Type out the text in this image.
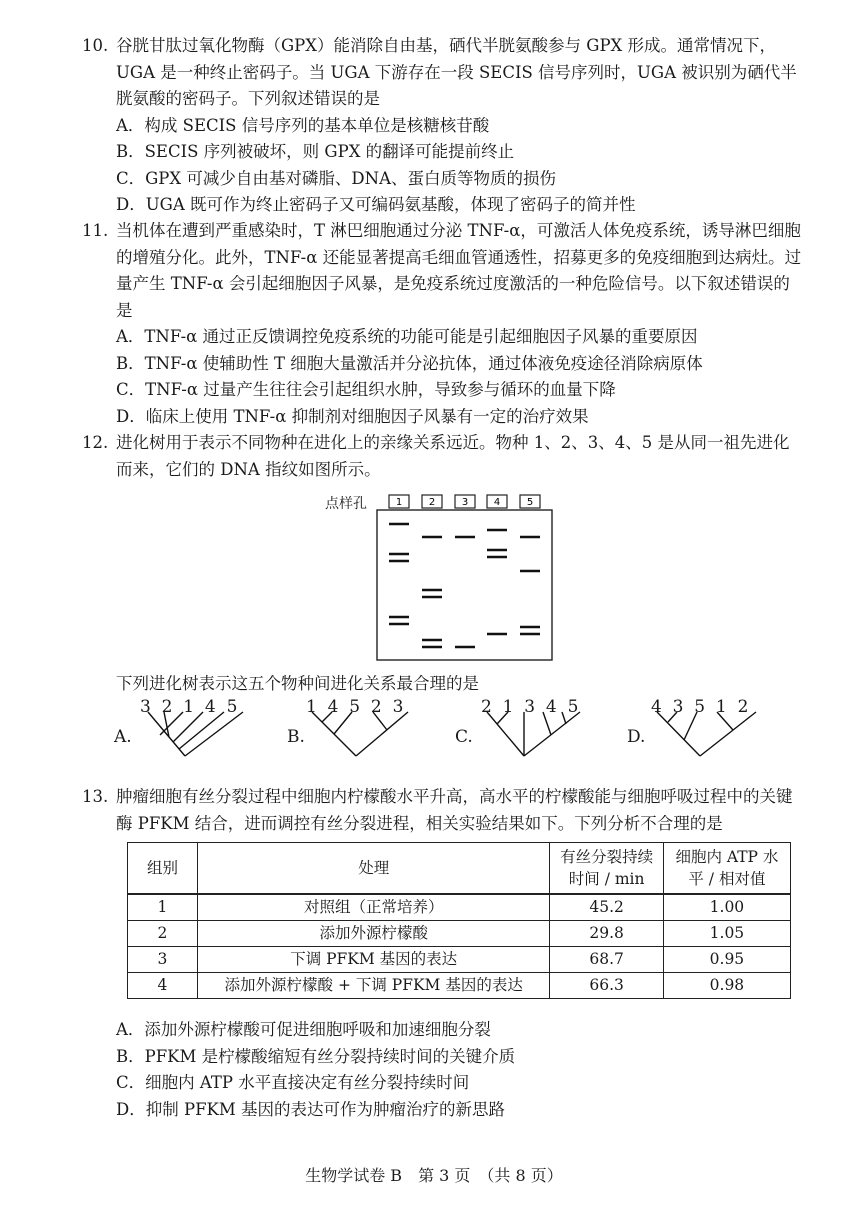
10. 谷胱甘肽过氧化物酶（GPX）能消除自由基，硒代半胱氨酸参与 GPX 形成。通常情况下，UGA 是一种终止密码子。当 UGA 下游存在一段 SECIS 信号序列时，UGA 被识别为硒代半胱氨酸的密码子。下列叙述错误的是
A．构成 SECIS 信号序列的基本单位是核糖核苷酸
B．SECIS 序列被破坏，则 GPX 的翻译可能提前终止
C．GPX 可减少自由基对磷脂、DNA、蛋白质等物质的损伤
D．UGA 既可作为终止密码子又可编码氨基酸，体现了密码子的简并性
11. 当机体在遭到严重感染时，T 淋巴细胞通过分泌 TNF-α，可激活人体免疫系统，诱导淋巴细胞的增殖分化。此外，TNF-α 还能显著提高毛细血管通透性，招募更多的免疫细胞到达病灶。过量产生 TNF-α 会引起细胞因子风暴，是免疫系统过度激活的一种危险信号。以下叙述错误的是
A．TNF-α 通过正反馈调控免疫系统的功能可能是引起细胞因子风暴的重要原因
B．TNF-α 使辅助性 T 细胞大量激活并分泌抗体，通过体液免疫途径消除病原体
C．TNF-α 过量产生往往会引起组织水肿，导致参与循环的血量下降
D．临床上使用 TNF-α 抑制剂对细胞因子风暴有一定的治疗效果
12. 进化树用于表示不同物种在进化上的亲缘关系远近。物种 1、2、3、4、5 是从同一祖先进化而来，它们的 DNA 指纹如图所示。
点样孔	1	2	3	4	5
下列进化树表示这五个物种间进化关系最合理的是
3 2 1 4 5
A.
1 4 5 2 3
B.
2 1 3 4 5
C.
4 3 5 1 2
D.
13. 肿瘤细胞有丝分裂过程中细胞内柠檬酸水平升高，高水平的柠檬酸能与细胞呼吸过程中的关键酶 PFKM 结合，进而调控有丝分裂进程，相关实验结果如下。下列分析不合理的是
组别	处理	有丝分裂持续时间 / min	细胞内 ATP 水平 / 相对值
1	对照组（正常培养）	45.2	1.00
2	添加外源柠檬酸	29.8	1.05
3	下调 PFKM 基因的表达	68.7	0.95
4	添加外源柠檬酸 + 下调 PFKM 基因的表达	66.3	0.98
A．添加外源柠檬酸可促进细胞呼吸和加速细胞分裂
B．PFKM 是柠檬酸缩短有丝分裂持续时间的关键介质
C．细胞内 ATP 水平直接决定有丝分裂持续时间
D．抑制 PFKM 基因的表达可作为肿瘤治疗的新思路
生物学试卷 B　第 3 页　（共 8 页）
